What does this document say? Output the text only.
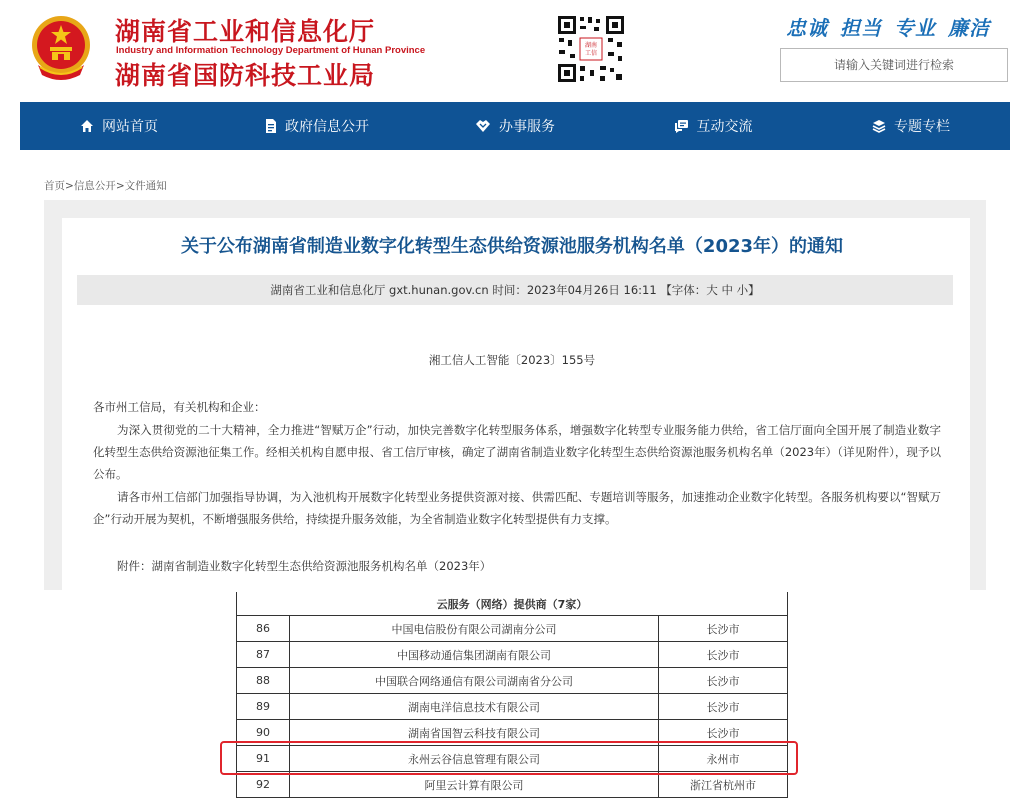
湖南省工业和信息化厅
Industry and Information Technology Department of Hunan Province
湖南省国防科技工业局
湖南
工信
忠诚 担当 专业 廉洁
请输入关键词进行检索
网站首页	政府信息公开	办事服务	互动交流	专题专栏
首页>信息公开>文件通知
关于公布湖南省制造业数字化转型生态供给资源池服务机构名单（2023年）的通知
湖南省工业和信息化厅 gxt.hunan.gov.cn 时间：2023年04月26日 16:11 【字体：大 中 小】
湘工信人工智能〔2023〕155号
各市州工信局，有关机构和企业：
为深入贯彻党的二十大精神，全力推进“智赋万企”行动，加快完善数字化转型服务体系，增强数字化转型专业服务能力供给，省工信厅面向全国开展了制造业数字化转型生态供给资源池征集工作。经相关机构自愿申报、省工信厅审核，确定了湖南省制造业数字化转型生态供给资源池服务机构名单（2023年）（详见附件），现予以公布。
请各市州工信部门加强指导协调，为入池机构开展数字化转型业务提供资源对接、供需匹配、专题培训等服务，加速推动企业数字化转型。各服务机构要以“智赋万企”行动开展为契机，不断增强服务供给，持续提升服务效能，为全省制造业数字化转型提供有力支撑。
附件：湖南省制造业数字化转型生态供给资源池服务机构名单（2023年）
云服务（网络）提供商（7家）		
86	中国电信股份有限公司湖南分公司	长沙市
87	中国移动通信集团湖南有限公司	长沙市
88	中国联合网络通信有限公司湖南省分公司	长沙市
89	湖南电洋信息技术有限公司	长沙市
90	湖南省国智云科技有限公司	长沙市
91	永州云谷信息管理有限公司	永州市
92	阿里云计算有限公司	浙江省杭州市
